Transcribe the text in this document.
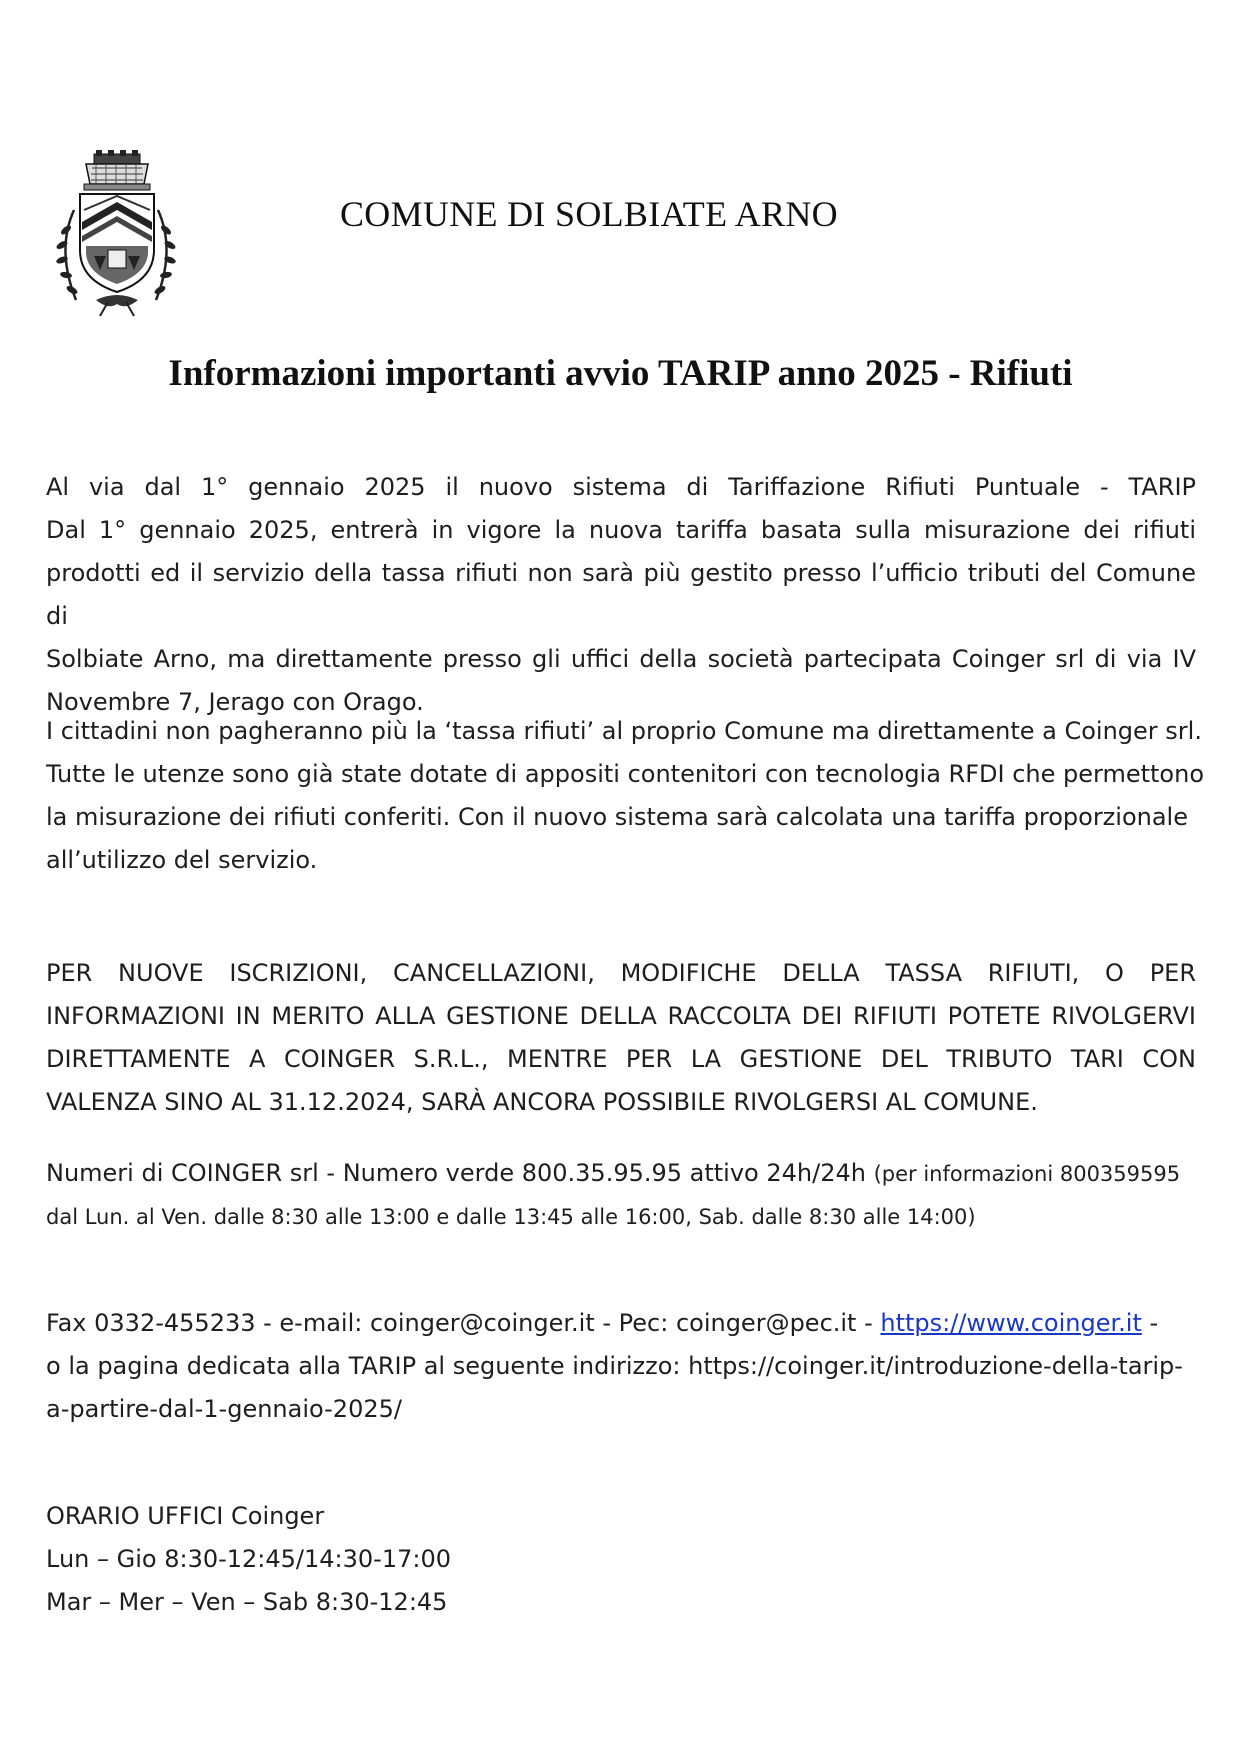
COMUNE DI SOLBIATE ARNO
Informazioni importanti avvio TARIP anno 2025 - Rifiuti
Al via dal 1° gennaio 2025 il nuovo sistema di Tariffazione Rifiuti Puntuale - TARIP
Dal 1° gennaio 2025, entrerà in vigore la nuova tariffa basata sulla misurazione dei rifiuti
prodotti ed il servizio della tassa rifiuti non sarà più gestito presso l’ufficio tributi del Comune di
Solbiate Arno, ma direttamente presso gli uffici della società partecipata Coinger srl di via IV
Novembre 7, Jerago con Orago.
I cittadini non pagheranno più la ‘tassa rifiuti’ al proprio Comune ma direttamente a Coinger srl.
Tutte le utenze sono già state dotate di appositi contenitori con tecnologia RFDI che permettono
la misurazione dei rifiuti conferiti. Con il nuovo sistema sarà calcolata una tariffa proporzionale
all’utilizzo del servizio.
PER NUOVE ISCRIZIONI, CANCELLAZIONI, MODIFICHE DELLA TASSA RIFIUTI, O PER
INFORMAZIONI IN MERITO ALLA GESTIONE DELLA RACCOLTA DEI RIFIUTI POTETE RIVOLGERVI
DIRETTAMENTE A COINGER S.R.L., MENTRE PER LA GESTIONE DEL TRIBUTO TARI CON
VALENZA SINO AL 31.12.2024, SARÀ ANCORA POSSIBILE RIVOLGERSI AL COMUNE.
Numeri di COINGER srl - Numero verde 800.35.95.95 attivo 24h/24h (per informazioni 800359595
dal Lun. al Ven. dalle 8:30 alle 13:00 e dalle 13:45 alle 16:00, Sab. dalle 8:30 alle 14:00)
Fax 0332-455233 - e-mail: coinger@coinger.it - Pec: coinger@pec.it - https://www.coinger.it -
o la pagina dedicata alla TARIP al seguente indirizzo: https://coinger.it/introduzione-della-tarip-
a-partire-dal-1-gennaio-2025/
ORARIO UFFICI Coinger
Lun – Gio 8:30-12:45/14:30-17:00
Mar – Mer – Ven – Sab 8:30-12:45
